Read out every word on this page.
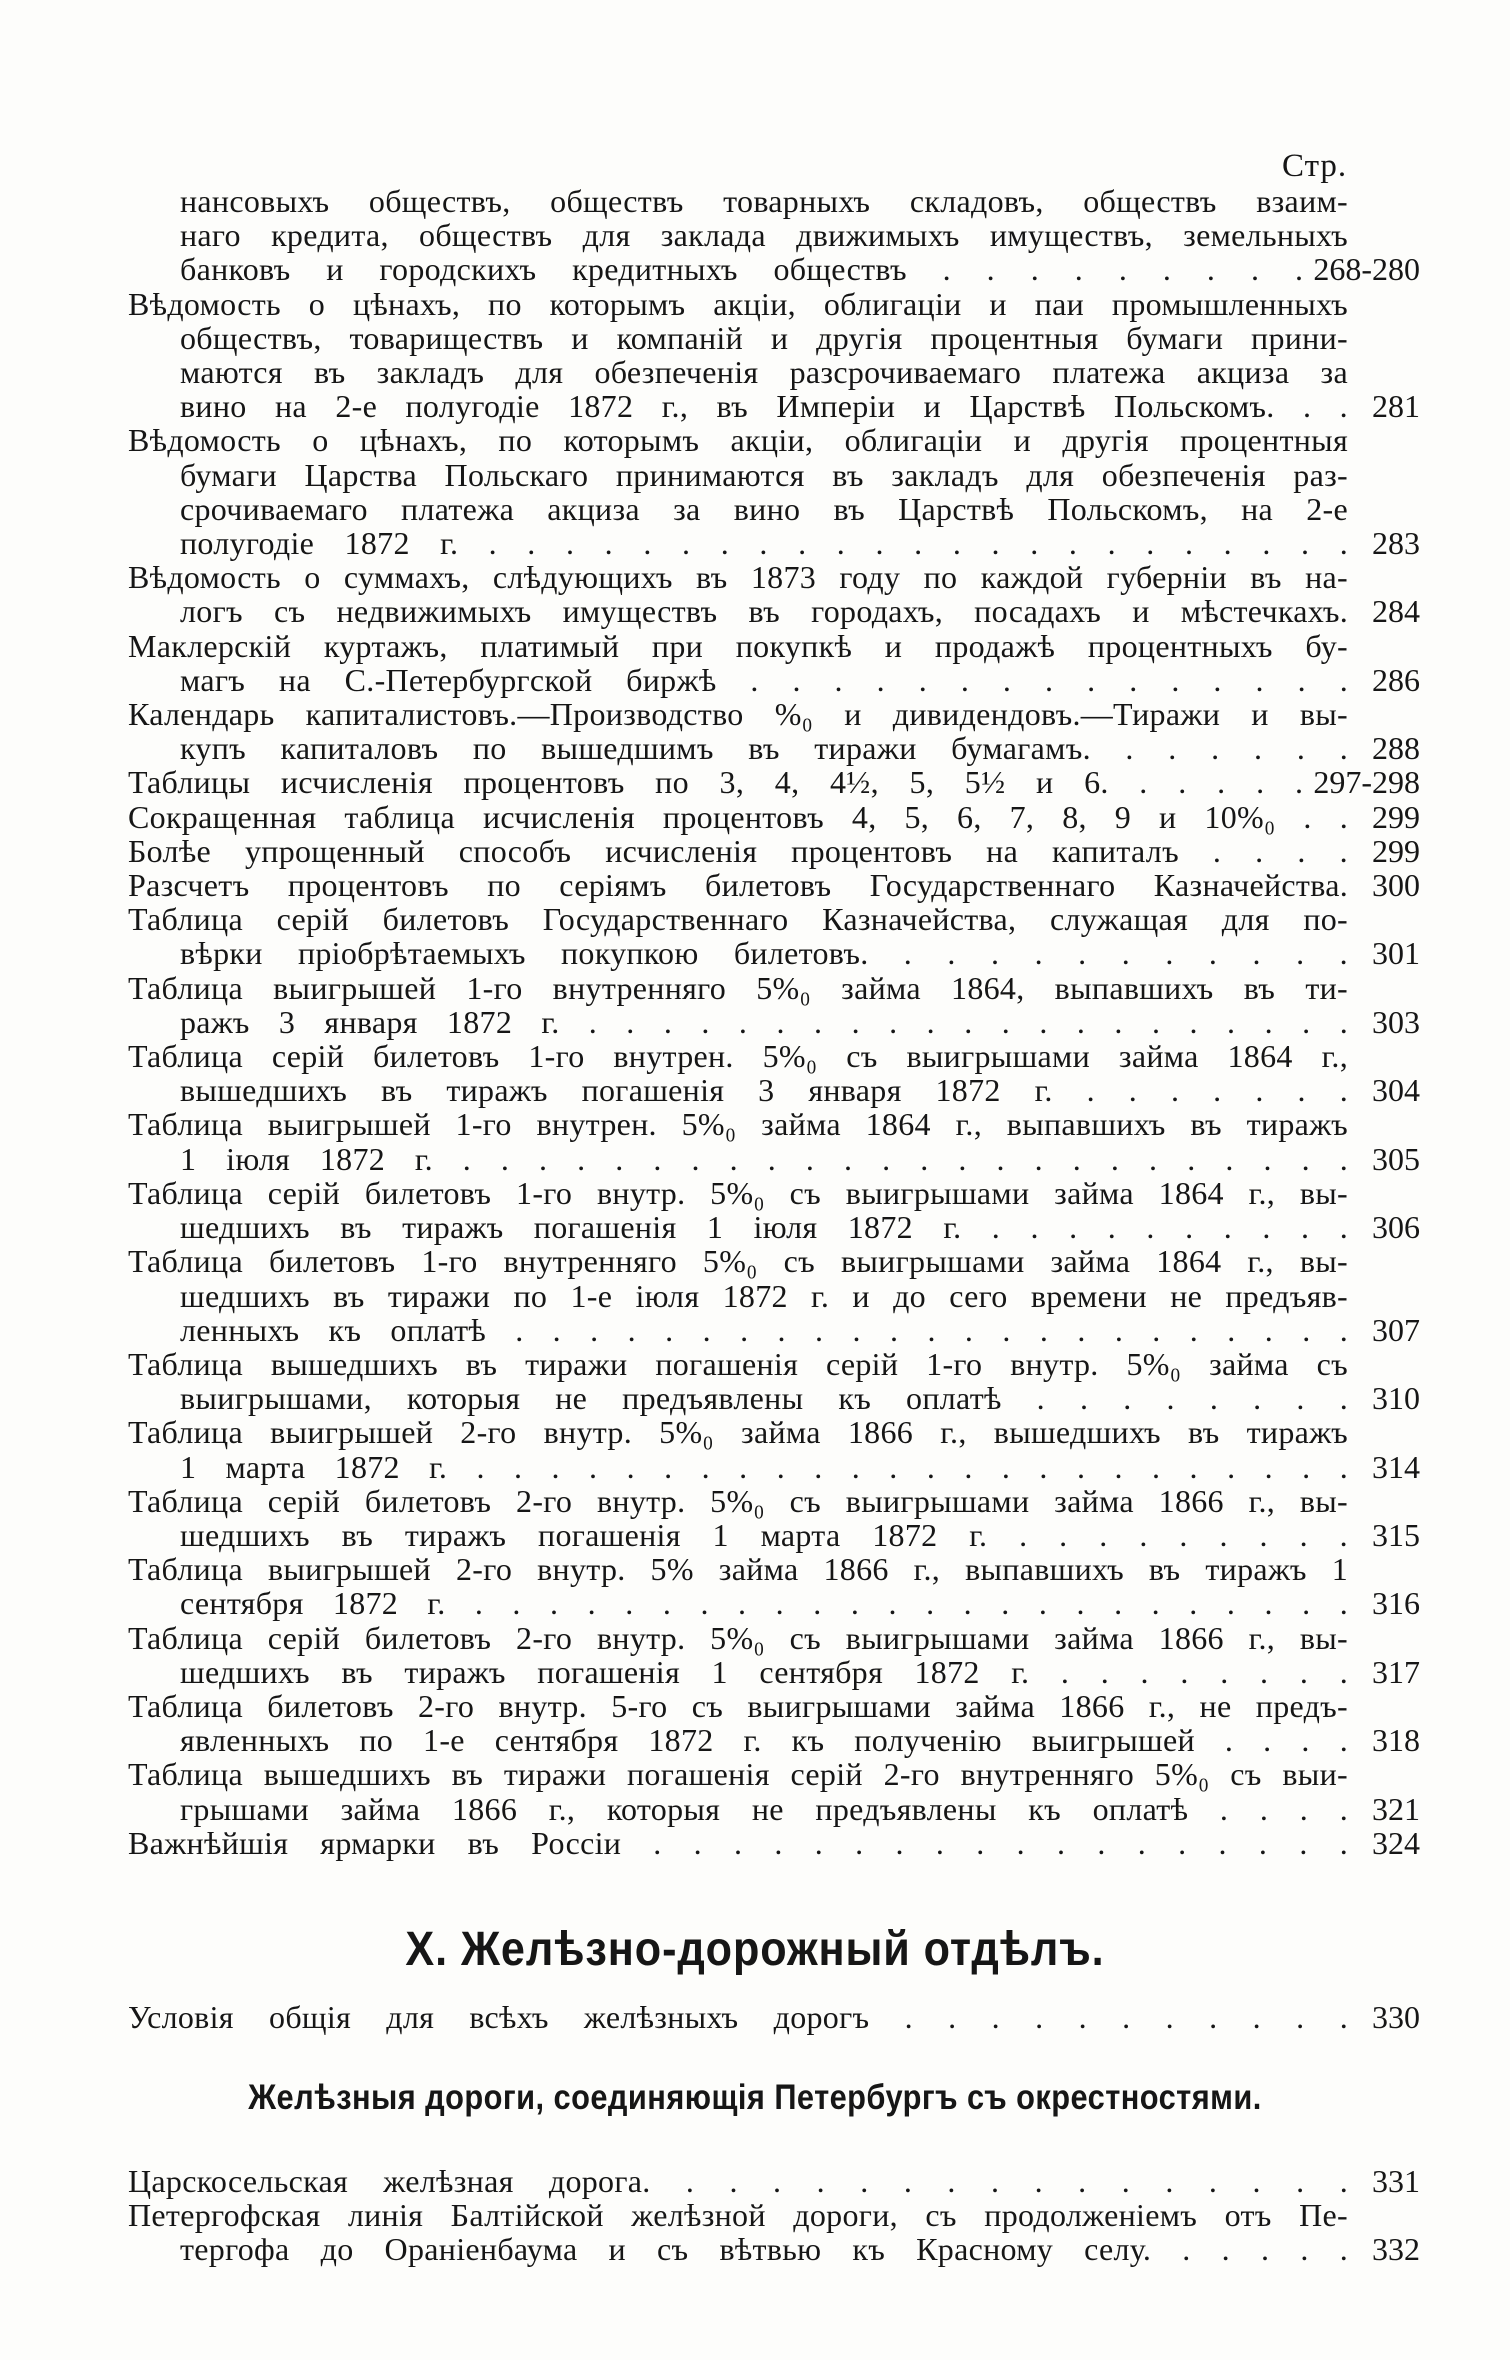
Стр.
нансовыхъ обществъ, обществъ товарныхъ складовъ, обществъ взаим-
наго кредита, обществъ для заклада движимыхъ имуществъ, земельныхъ
банковъ и городскихъ кредитныхъ обществъ . . . . . . . . . 268-280
Вѣдомость о цѣнахъ, по которымъ акціи, облигаціи и паи промышленныхъ
обществъ, товариществъ и компаній и другія процентныя бумаги прини-
маются въ закладъ для обезпеченія разсрочиваемаго платежа акциза за
вино на 2-е полугодіе 1872 г., въ Имперіи и Царствѣ Польскомъ. . . 281
Вѣдомость о цѣнахъ, по которымъ акціи, облигаціи и другія процентныя
бумаги Царства Польскаго принимаются въ закладъ для обезпеченія раз-
срочиваемаго платежа акциза за вино въ Царствѣ Польскомъ, на 2-е
полугодіе 1872 г. . . . . . . . . . . . . . . . . . . . . . . . 283
Вѣдомость о суммахъ, слѣдующихъ въ 1873 году по каждой губерніи въ на-
логъ съ недвижимыхъ имуществъ въ городахъ, посадахъ и мѣстечкахъ. 284
Маклерскій куртажъ, платимый при покупкѣ и продажѣ процентныхъ бу-
магъ на С.-Петербургской биржѣ . . . . . . . . . . . . . . . 286
Календарь капиталистовъ.—Производство %₀ и дивидендовъ.—Тиражи и вы-
купъ капиталовъ по вышедшимъ въ тиражи бумагамъ. . . . . . . 288
Таблицы исчисленія процентовъ по 3, 4, 4½, 5, 5½ и 6. . . . . . 297-298
Сокращенная таблица исчисленія процентовъ 4, 5, 6, 7, 8, 9 и 10%₀ . . 299
Болѣе упрощенный способъ исчисленія процентовъ на капиталъ . . . . 299
Разсчетъ процентовъ по серіямъ билетовъ Государственнаго Казначейства. 300
Таблица серій билетовъ Государственнаго Казначейства, служащая для по-
вѣрки пріобрѣтаемыхъ покупкою билетовъ. . . . . . . . . . . . 301
Таблица выигрышей 1-го внутренняго 5%₀ займа 1864, выпавшихъ въ ти-
ражъ 3 января 1872 г. . . . . . . . . . . . . . . . . . . . . . 303
Таблица серій билетовъ 1-го внутрен. 5%₀ съ выигрышами займа 1864 г.,
вышедшихъ въ тиражъ погашенія 3 января 1872 г. . . . . . . . 304
Таблица выигрышей 1-го внутрен. 5%₀ займа 1864 г., выпавшихъ въ тиражъ
1 іюля 1872 г. . . . . . . . . . . . . . . . . . . . . . . . . 305
Таблица серій билетовъ 1-го внутр. 5%₀ съ выигрышами займа 1864 г., вы-
шедшихъ въ тиражъ погашенія 1 іюля 1872 г. . . . . . . . . . . 306
Таблица билетовъ 1-го внутренняго 5%₀ съ выигрышами займа 1864 г., вы-
шедшихъ въ тиражи по 1-е іюля 1872 г. и до сего времени не предъяв-
ленныхъ къ оплатѣ . . . . . . . . . . . . . . . . . . . . . . . 307
Таблица вышедшихъ въ тиражи погашенія серій 1-го внутр. 5%₀ займа съ
выигрышами, которыя не предъявлены къ оплатѣ . . . . . . . . 310
Таблица выигрышей 2-го внутр. 5%₀ займа 1866 г., вышедшихъ въ тиражъ
1 марта 1872 г. . . . . . . . . . . . . . . . . . . . . . . . . 314
Таблица серій билетовъ 2-го внутр. 5%₀ съ выигрышами займа 1866 г., вы-
шедшихъ въ тиражъ погашенія 1 марта 1872 г. . . . . . . . . . 315
Таблица выигрышей 2-го внутр. 5% займа 1866 г., выпавшихъ въ тиражъ 1
сентября 1872 г. . . . . . . . . . . . . . . . . . . . . . . . . 316
Таблица серій билетовъ 2-го внутр. 5%₀ съ выигрышами займа 1866 г., вы-
шедшихъ въ тиражъ погашенія 1 сентября 1872 г. . . . . . . . . 317
Таблица билетовъ 2-го внутр. 5-го съ выигрышами займа 1866 г., не предъ-
явленныхъ по 1-е сентября 1872 г. къ полученію выигрышей . . . . 318
Таблица вышедшихъ въ тиражи погашенія серій 2-го внутренняго 5%₀ съ выи-
грышами займа 1866 г., которыя не предъявлены къ оплатѣ . . . . 321
Важнѣйшія ярмарки въ Россіи . . . . . . . . . . . . . . . . . . 324
X. Желѣзно-дорожный отдѣлъ.
Условія общія для всѣхъ желѣзныхъ дорогъ . . . . . . . . . . . 330
Желѣзныя дороги, соединяющія Петербургъ съ окрестностями.
Царскосельская желѣзная дорога. . . . . . . . . . . . . . . . . 331
Петергофская линія Балтійской желѣзной дороги, съ продолженіемъ отъ Пе-
тергофа до Ораніенбаума и съ вѣтвью къ Красному селу. . . . . . 332
